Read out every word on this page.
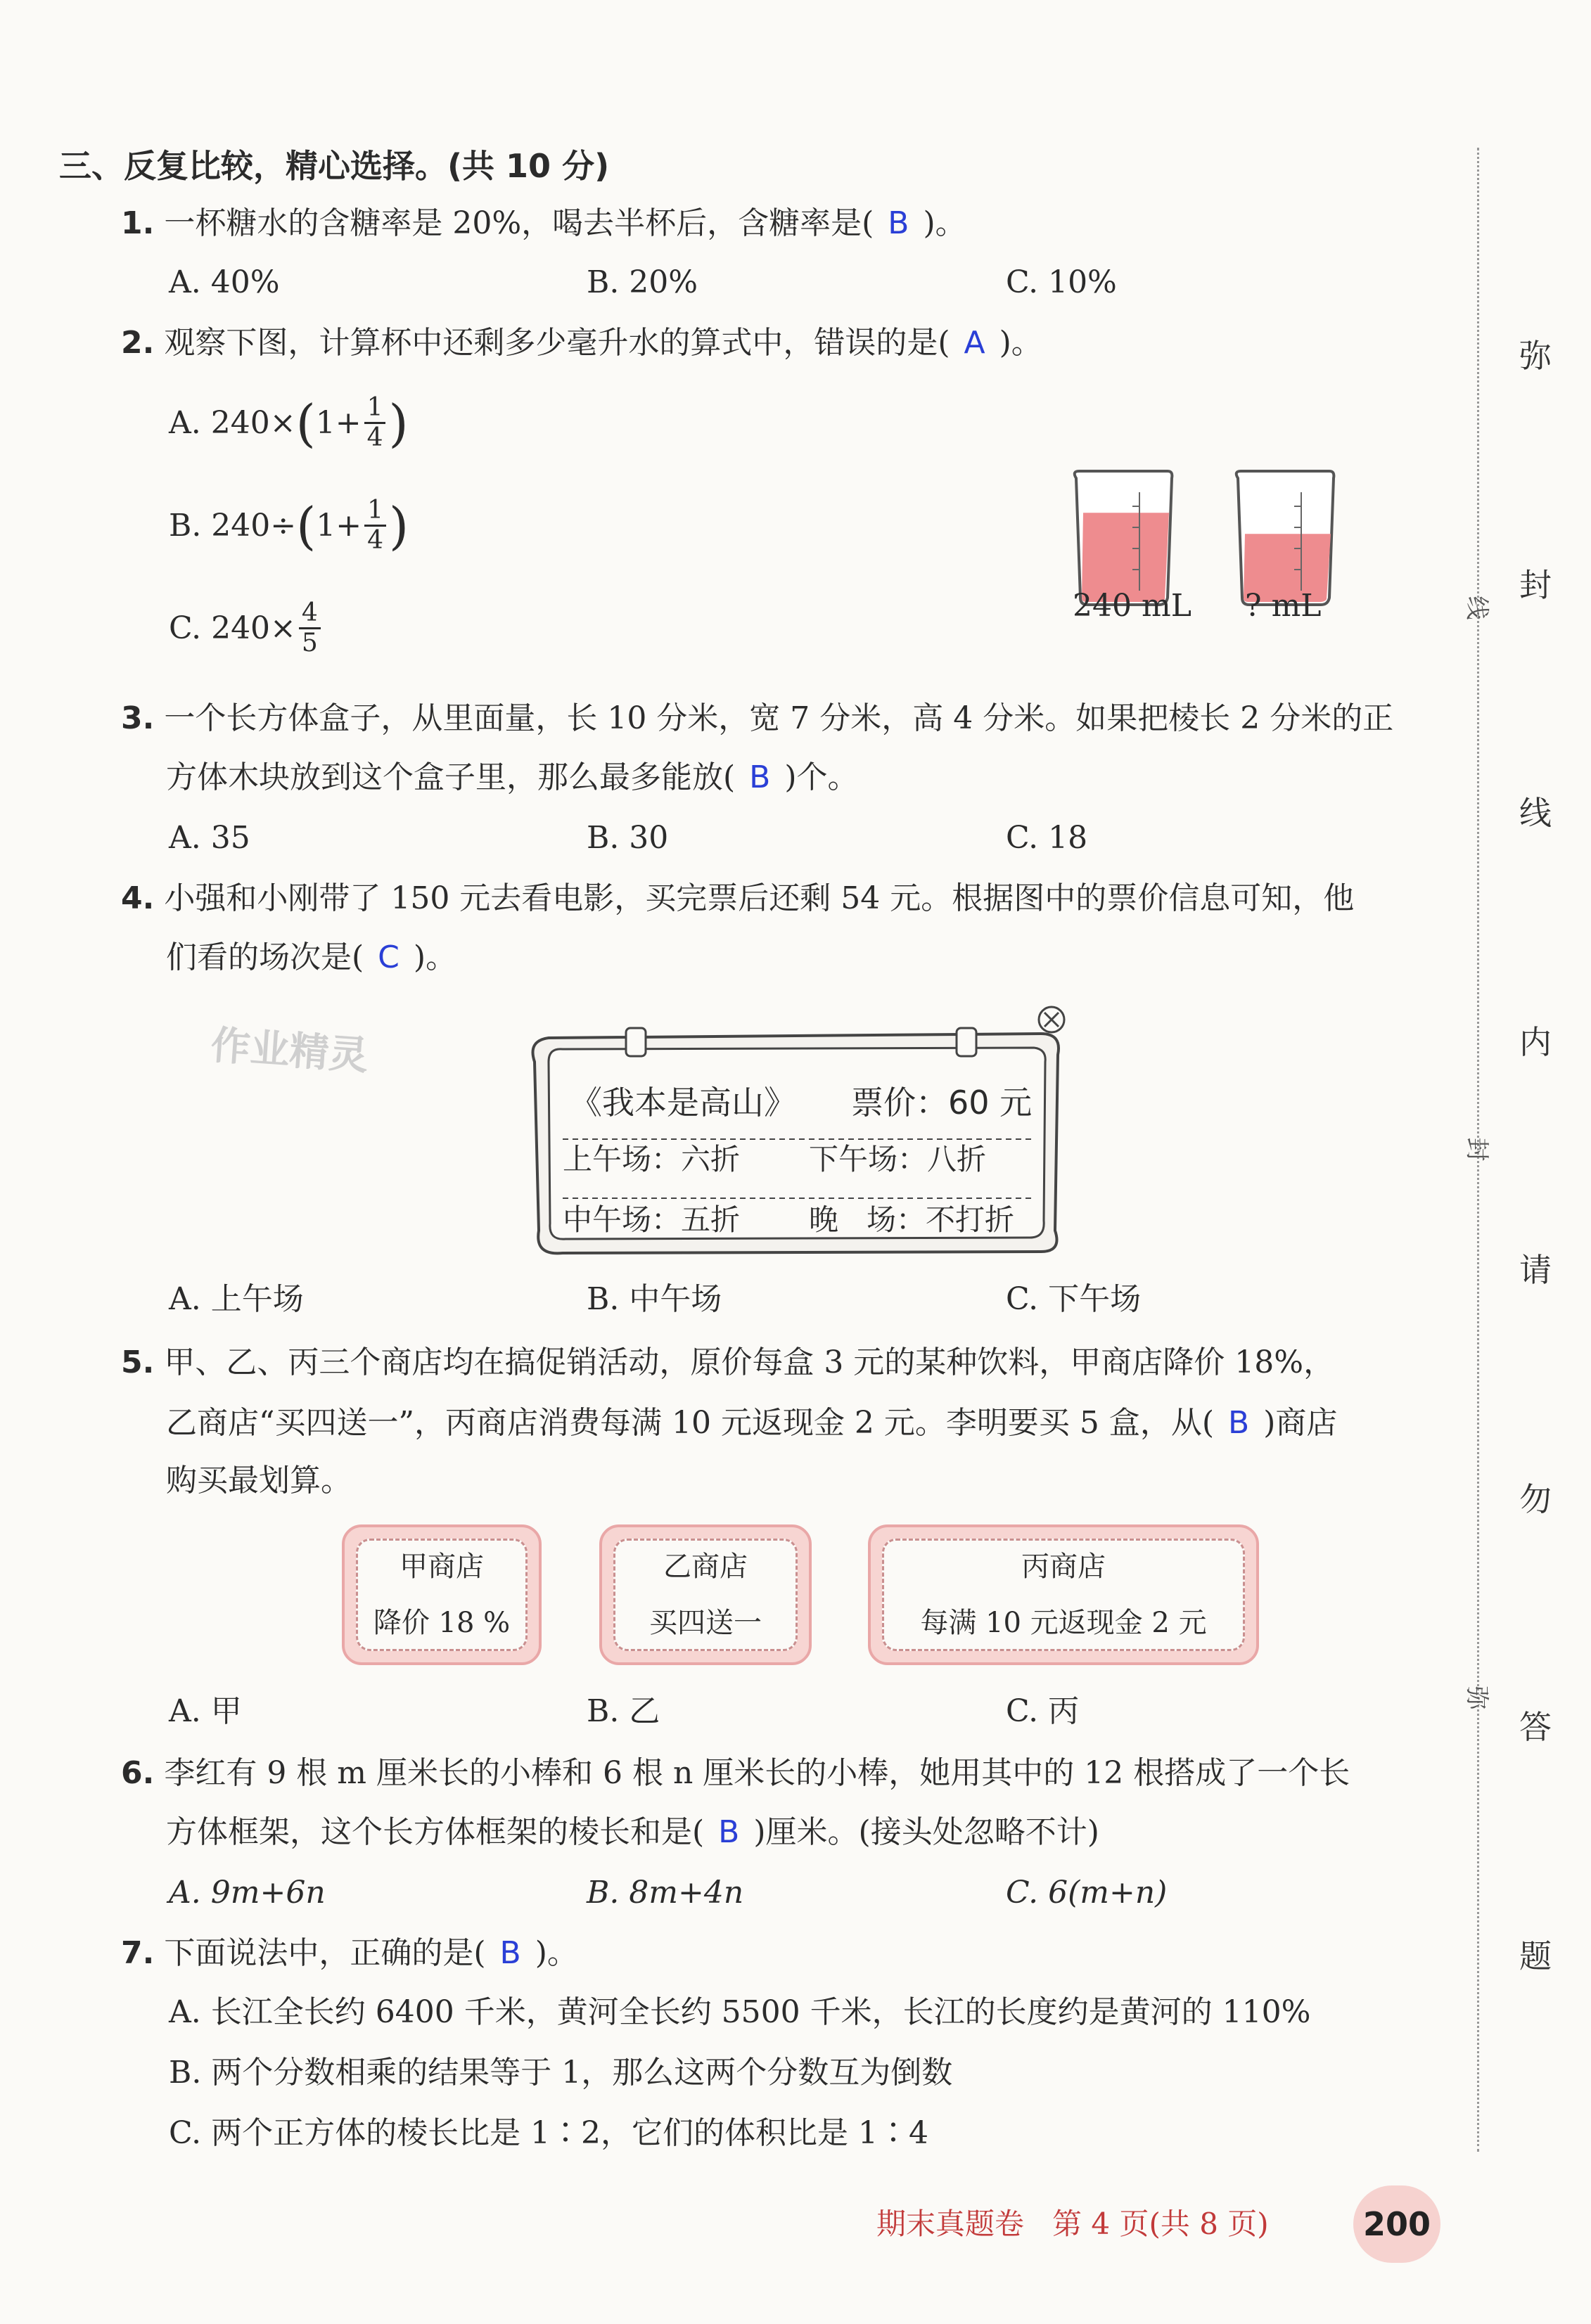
三、反复比较，精心选择。(共 10 分)
1. 一杯糖水的含糖率是 20%，喝去半杯后，含糖率是( B )。
A. 40%	B. 20%	C. 10%
2. 观察下图，计算杯中还剩多少毫升水的算式中，错误的是( A )。
A. 240× ( $1+ \frac{1}{4}$ )
B. 240÷ ( $1+ \frac{1}{4}$ )
C. $240\times \frac{4}{5}$	240 mL ? mL
3. 一个长方体盒子，从里面量，长 10 分米，宽 7 分米，高 4 分米。如果把棱长 2 分米的正
方体木块放到这个盒子里，那么最多能放( B )个。
A. 35	B. 30	C. 18
4. 小强和小刚带了 150 元去看电影，买完票后还剩 54 元。根据图中的票价信息可知，他
们看的场次是( C )。
作业精灵
《我本是高山》 票价：60 元
上午场：六折 下午场：八折
中午场：五折 晚   场：不打折
A. 上午场	B. 中午场	C. 下午场
5. 甲、乙、丙三个商店均在搞促销活动，原价每盒 3 元的某种饮料，甲商店降价 18%，
乙商店“买四送一”，丙商店消费每满 10 元返现金 2 元。李明要买 5 盒，从( B )商店
购买最划算。
甲商店
降价 18 %
乙商店
买四送一
丙商店
每满 10 元返现金 2 元
A. 甲	B. 乙	C. 丙
6. 李红有 9 根 m 厘米长的小棒和 6 根 n 厘米长的小棒，她用其中的 12 根搭成了一个长
方体框架，这个长方体框架的棱长和是( B )厘米。(接头处忽略不计)
A. 9m+6n	B. 8m+4n	C. 6(m+n)
7. 下面说法中，正确的是( B )。
A. 长江全长约 6400 千米，黄河全长约 5500 千米，长江的长度约是黄河的 110%
B. 两个分数相乘的结果等于 1，那么这两个分数互为倒数
C. 两个正方体的棱长比是 1∶2，它们的体积比是 1∶4
线
封
弥
弥
封
线
内
请
勿
答
题
期末真题卷   第 4 页(共 8 页)	200
